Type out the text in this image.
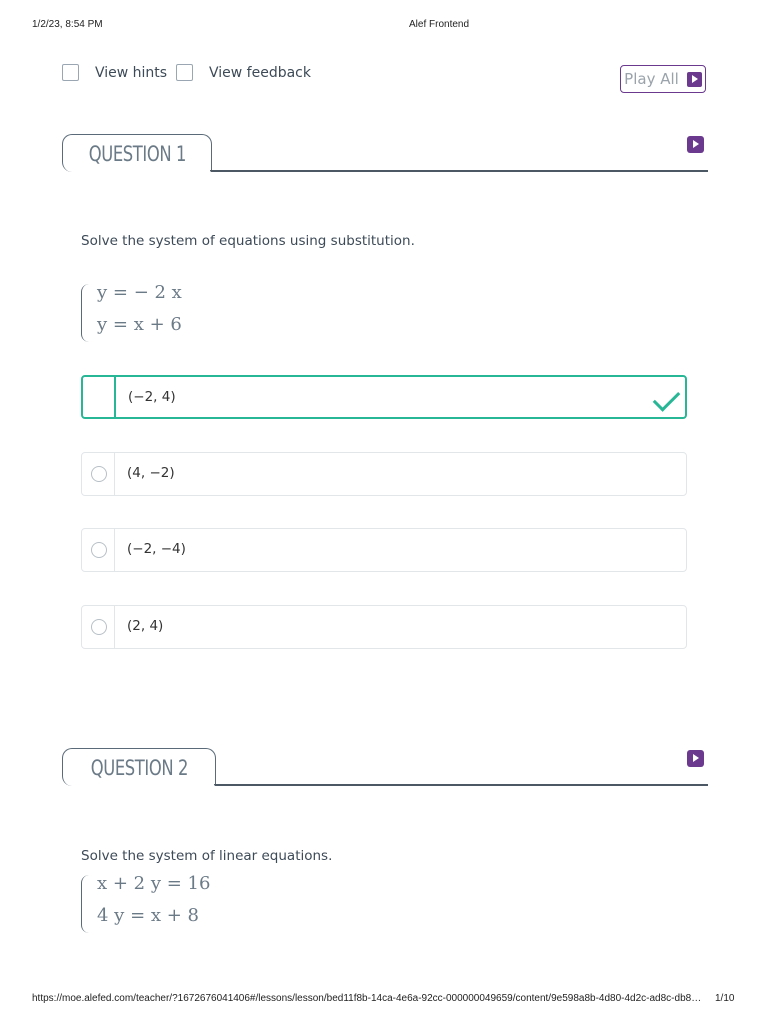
1/2/23, 8:54 PM	Alef Frontend
View hints	View feedback	Play All
QUESTION 1
Solve the system of equations using substitution.
y = − 2 x
y = x + 6
(−2, 4)
(4, −2)
(−2, −4)
(2, 4)
QUESTION 2
Solve the system of linear equations.
x + 2 y = 16
4 y = x + 8
https://moe.alefed.com/teacher/?1672676041406#/lessons/lesson/bed11f8b-14ca-4e6a-92cc-000000049659/content/9e598a8b-4d80-4d2c-ad8c-db8…	1/10
